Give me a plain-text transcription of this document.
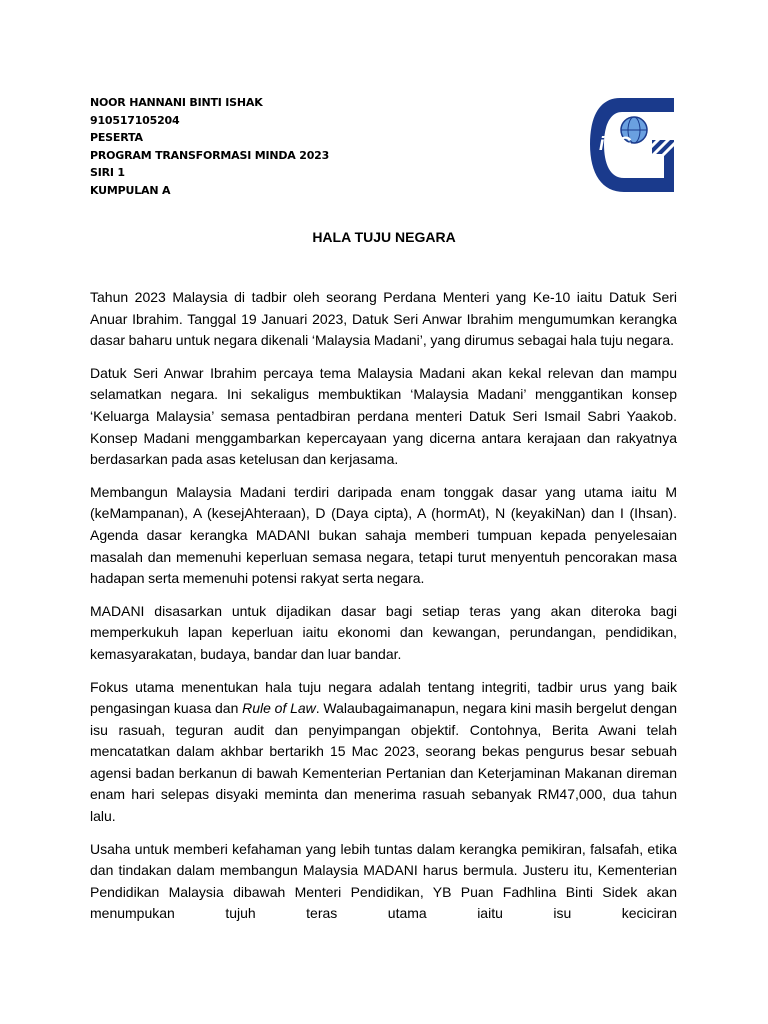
NOOR HANNANI BINTI ISHAK
910517105204
PESERTA
PROGRAM TRANSFORMASI MINDA 2023
SIRI 1
KUMPULAN A
iPG
HALA TUJU NEGARA

Tahun 2023 Malaysia di tadbir oleh seorang Perdana Menteri yang Ke-10 iaitu Datuk Seri Anuar Ibrahim. Tanggal 19 Januari 2023, Datuk Seri Anwar Ibrahim mengumumkan kerangka dasar baharu untuk negara dikenali ‘Malaysia Madani’, yang dirumus sebagai hala tuju negara.

Datuk Seri Anwar Ibrahim percaya tema Malaysia Madani akan kekal relevan dan mampu selamatkan negara. Ini sekaligus membuktikan ‘Malaysia Madani’ menggantikan konsep ‘Keluarga Malaysia’ semasa pentadbiran perdana menteri Datuk Seri Ismail Sabri Yaakob. Konsep Madani menggambarkan kepercayaan yang dicerna antara kerajaan dan rakyatnya berdasarkan pada asas ketelusan dan kerjasama.

Membangun Malaysia Madani terdiri daripada enam tonggak dasar yang utama iaitu M (keMampanan), A (kesejAhteraan), D (Daya cipta), A (hormAt), N (keyakiNan) dan I (Ihsan). Agenda dasar kerangka MADANI bukan sahaja memberi tumpuan kepada penyelesaian masalah dan memenuhi keperluan semasa negara, tetapi turut menyentuh pencorakan masa hadapan serta memenuhi potensi rakyat serta negara.

MADANI disasarkan untuk dijadikan dasar bagi setiap teras yang akan diteroka bagi memperkukuh lapan keperluan iaitu ekonomi dan kewangan, perundangan, pendidikan, kemasyarakatan, budaya, bandar dan luar bandar.

Fokus utama menentukan hala tuju negara adalah tentang integriti, tadbir urus yang baik pengasingan kuasa dan Rule of Law. Walaubagaimanapun, negara kini masih bergelut dengan isu rasuah, teguran audit dan penyimpangan objektif. Contohnya, Berita Awani telah mencatatkan dalam akhbar bertarikh 15 Mac 2023, seorang bekas pengurus besar sebuah agensi badan berkanun di bawah Kementerian Pertanian dan Keterjaminan Makanan direman enam hari selepas disyaki meminta dan menerima rasuah sebanyak RM47,000, dua tahun lalu.

Usaha untuk memberi kefahaman yang lebih tuntas dalam kerangka pemikiran, falsafah, etika dan tindakan dalam membangun Malaysia MADANI harus bermula. Justeru itu, Kementerian Pendidikan Malaysia dibawah Menteri Pendidikan, YB Puan Fadhlina Binti Sidek akan menumpukan tujuh teras utama iaitu isu keciciran
